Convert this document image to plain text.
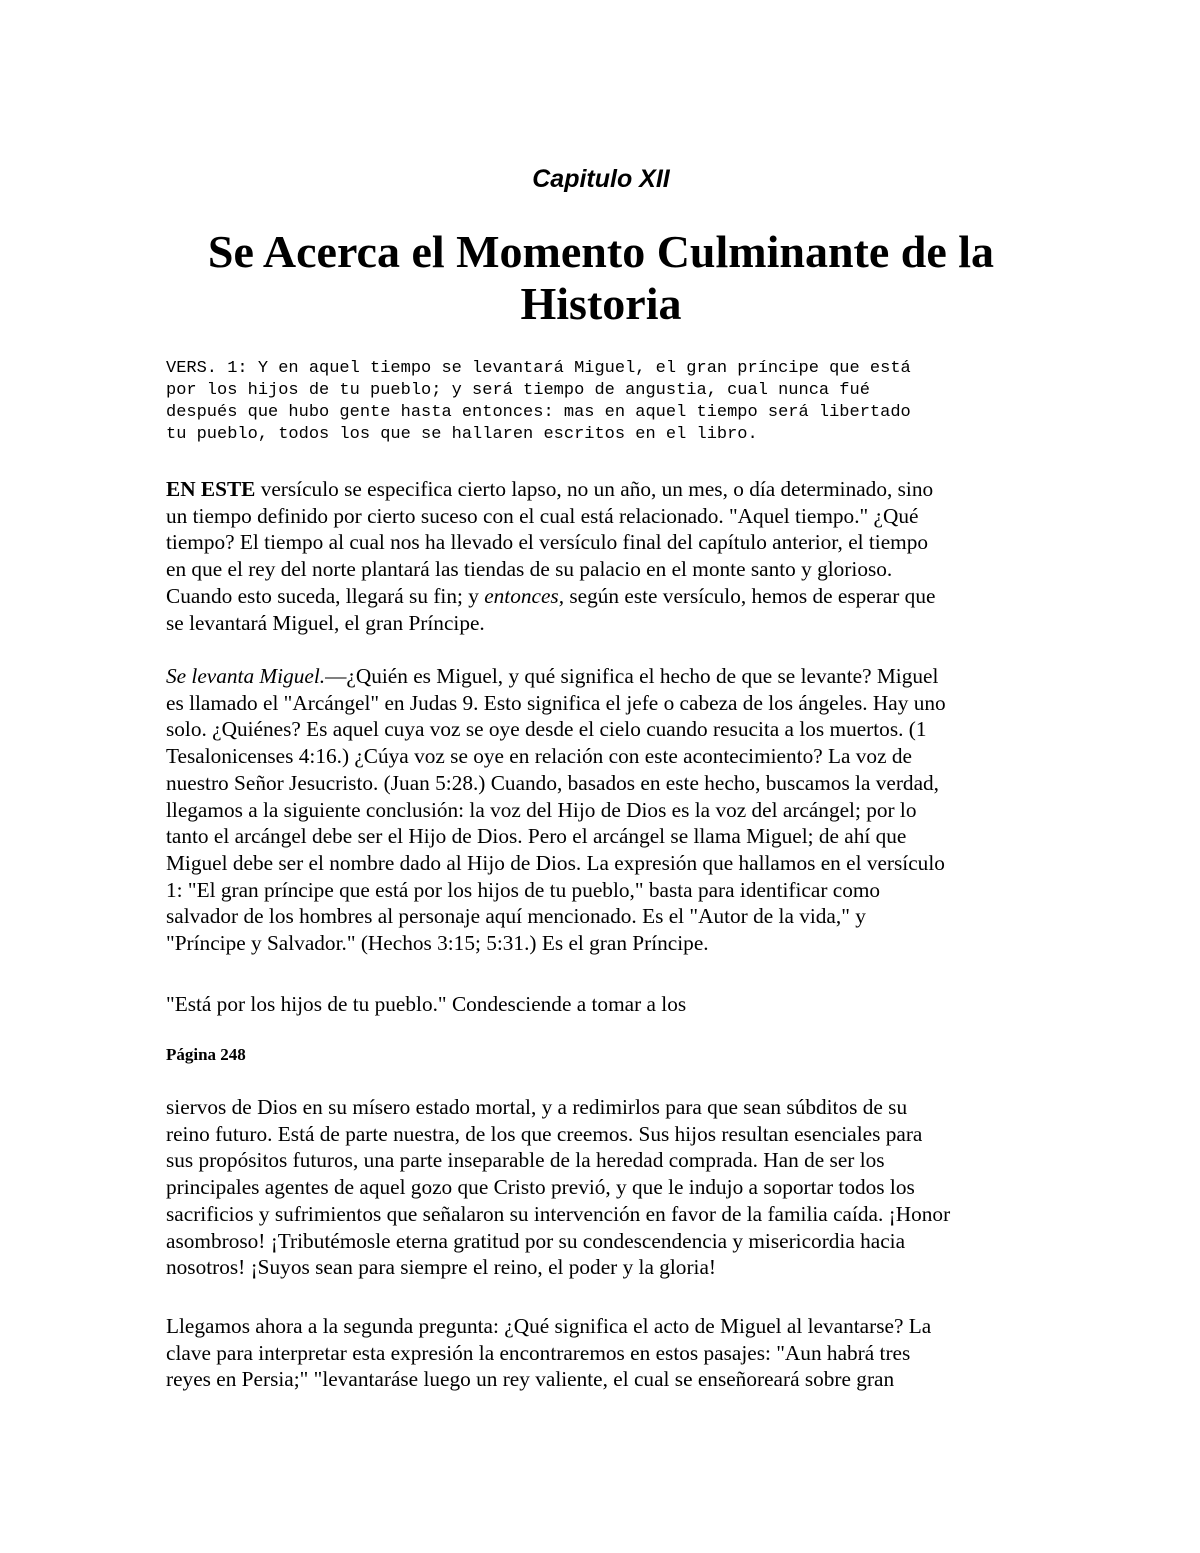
Capitulo XII
Se Acerca el Momento Culminante de la
Historia
VERS. 1: Y en aquel tiempo se levantará Miguel, el gran príncipe que está
por los hijos de tu pueblo; y será tiempo de angustia, cual nunca fué
después que hubo gente hasta entonces: mas en aquel tiempo será libertado
tu pueblo, todos los que se hallaren escritos en el libro.
EN ESTE versículo se especifica cierto lapso, no un año, un mes, o día determinado, sino
un tiempo definido por cierto suceso con el cual está relacionado. "Aquel tiempo." ¿Qué
tiempo? El tiempo al cual nos ha llevado el versículo final del capítulo anterior, el tiempo
en que el rey del norte plantará las tiendas de su palacio en el monte santo y glorioso.
Cuando esto suceda, llegará su fin; y entonces, según este versículo, hemos de esperar que
se levantará Miguel, el gran Príncipe.
Se levanta Miguel.—¿Quién es Miguel, y qué significa el hecho de que se levante? Miguel
es llamado el "Arcángel" en Judas 9. Esto significa el jefe o cabeza de los ángeles. Hay uno
solo. ¿Quiénes? Es aquel cuya voz se oye desde el cielo cuando resucita a los muertos. (1
Tesalonicenses 4:16.) ¿Cúya voz se oye en relación con este acontecimiento? La voz de
nuestro Señor Jesucristo. (Juan 5:28.) Cuando, basados en este hecho, buscamos la verdad,
llegamos a la siguiente conclusión: la voz del Hijo de Dios es la voz del arcángel; por lo
tanto el arcángel debe ser el Hijo de Dios. Pero el arcángel se llama Miguel; de ahí que
Miguel debe ser el nombre dado al Hijo de Dios. La expresión que hallamos en el versículo
1: "El gran príncipe que está por los hijos de tu pueblo," basta para identificar como
salvador de los hombres al personaje aquí mencionado. Es el "Autor de la vida," y
"Príncipe y Salvador." (Hechos 3:15; 5:31.) Es el gran Príncipe.
"Está por los hijos de tu pueblo." Condesciende a tomar a los
Página 248
siervos de Dios en su mísero estado mortal, y a redimirlos para que sean súbditos de su
reino futuro. Está de parte nuestra, de los que creemos. Sus hijos resultan esenciales para
sus propósitos futuros, una parte inseparable de la heredad comprada. Han de ser los
principales agentes de aquel gozo que Cristo previó, y que le indujo a soportar todos los
sacrificios y sufrimientos que señalaron su intervención en favor de la familia caída. ¡Honor
asombroso! ¡Tributémosle eterna gratitud por su condescendencia y misericordia hacia
nosotros! ¡Suyos sean para siempre el reino, el poder y la gloria!
Llegamos ahora a la segunda pregunta: ¿Qué significa el acto de Miguel al levantarse? La
clave para interpretar esta expresión la encontraremos en estos pasajes: "Aun habrá tres
reyes en Persia;" "levantaráse luego un rey valiente, el cual se enseñoreará sobre gran
